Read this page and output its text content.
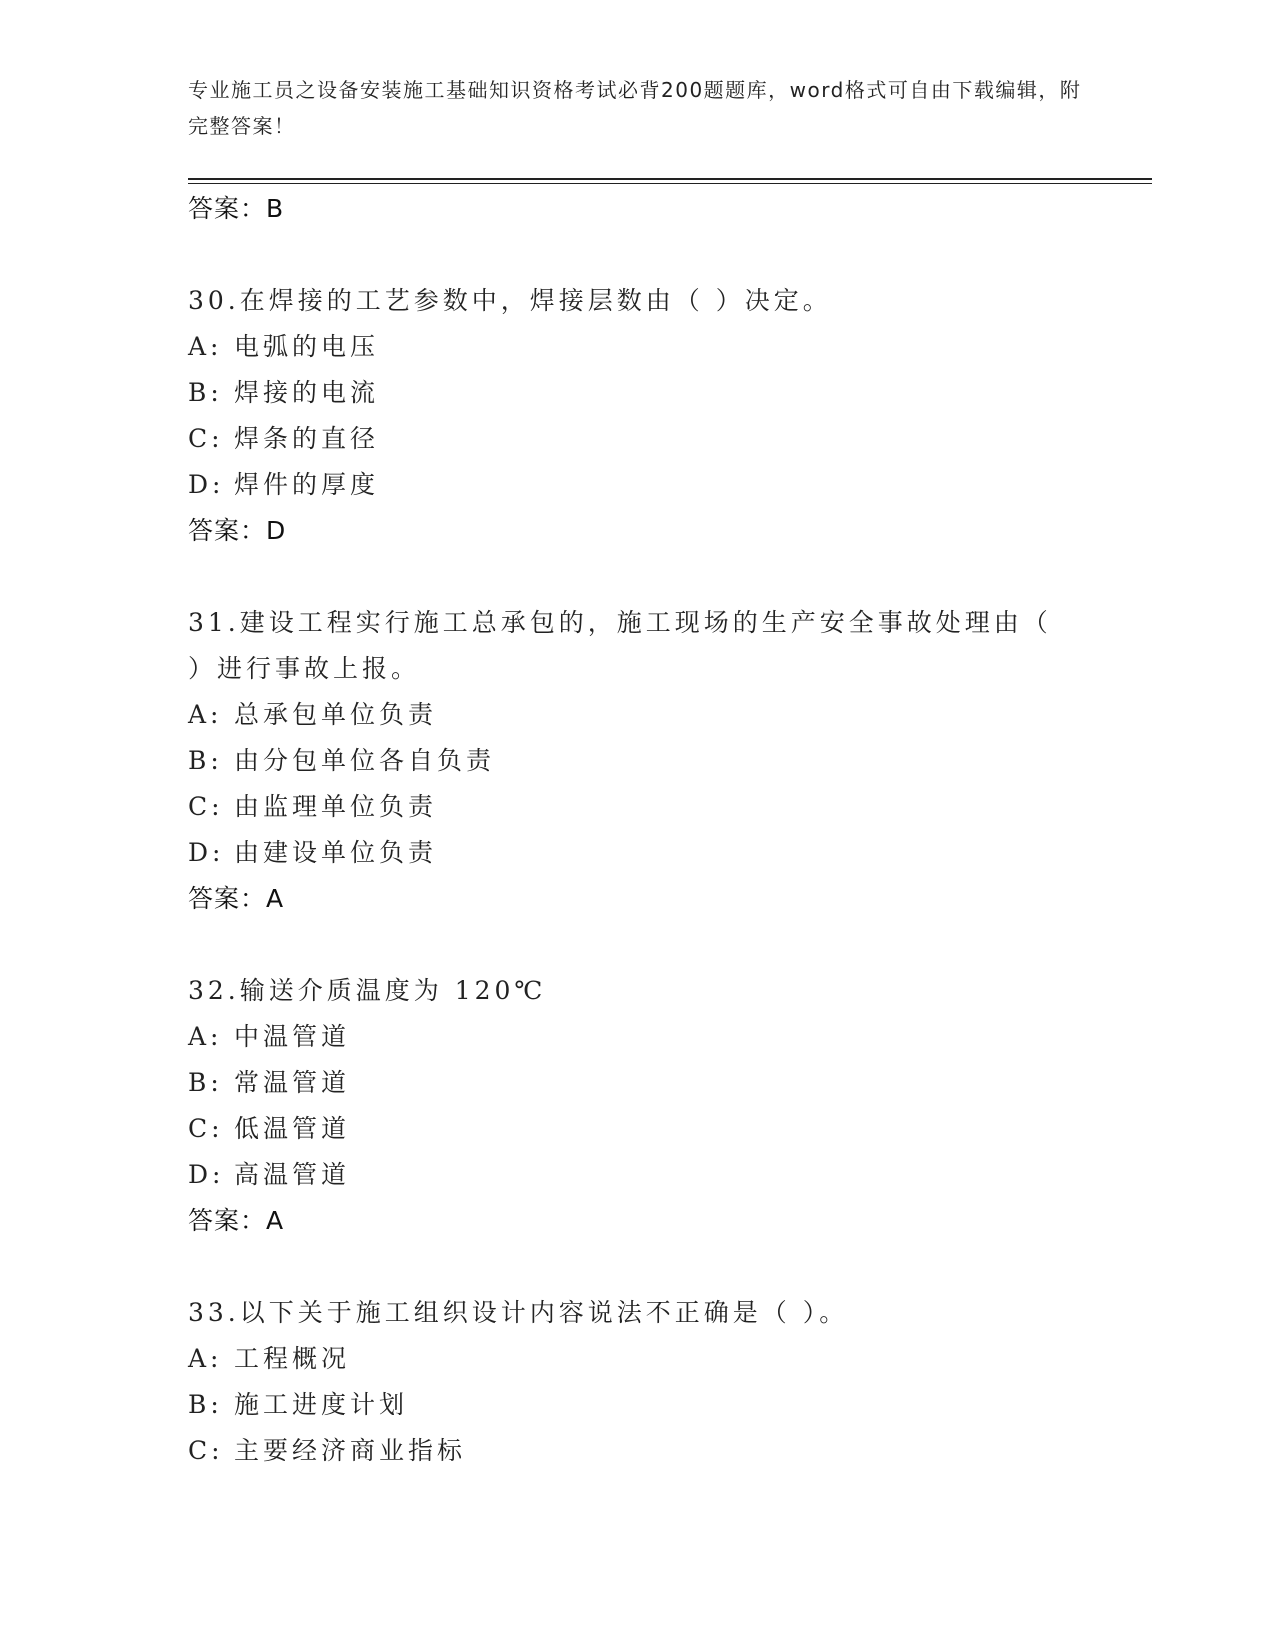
专业施工员之设备安装施工基础知识资格考试必背200题题库，word格式可自由下载编辑，附完整答案！
答案：B
30.在焊接的工艺参数中，焊接层数由（ ）决定。
A: 电弧的电压
B: 焊接的电流
C: 焊条的直径
D: 焊件的厚度
答案：D
31.建设工程实行施工总承包的，施工现场的生产安全事故处理由（ ）进行事故上报。
A: 总承包单位负责
B: 由分包单位各自负责
C: 由监理单位负责
D: 由建设单位负责
答案：A
32.输送介质温度为 120℃
A: 中温管道
B: 常温管道
C: 低温管道
D: 高温管道
答案：A
33.以下关于施工组织设计内容说法不正确是（ ）。
A: 工程概况
B: 施工进度计划
C: 主要经济商业指标
